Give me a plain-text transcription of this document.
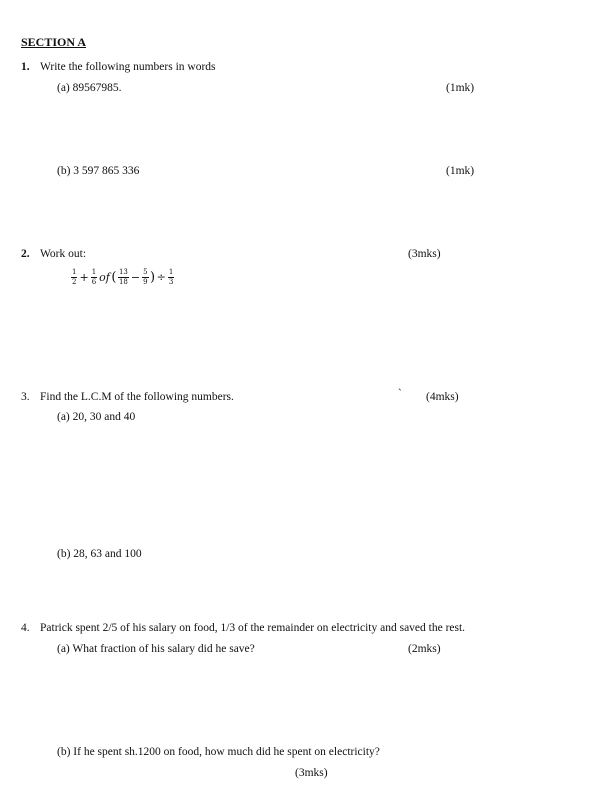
SECTION A
1. Write the following numbers in words
(a) 89567985.	(1mk)
(b) 3 597 865 336	(1mk)
2. Work out:	(3mks)
$\frac{1}{2} + \frac{1}{6}$ of ( $\frac{13}{18} - \frac{5}{9}$ ) ÷ $\frac{1}{3}$
3. Find the L.C.M of the following numbers.	` (4mks)
(a) 20, 30 and 40
(b) 28, 63 and 100
4. Patrick spent 2/5 of his salary on food, 1/3 of the remainder on electricity and saved the rest.
(a) What fraction of his salary did he save?	(2mks)
(b) If he spent sh.1200 on food, how much did he spent on electricity?
(3mks)
